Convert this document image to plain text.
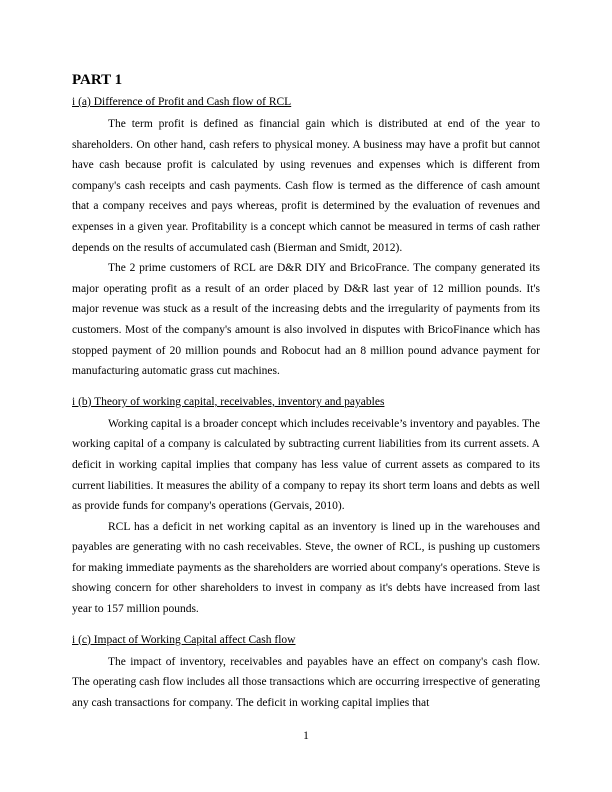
PART 1
i (a) Difference of Profit and Cash flow of RCL

The term profit is defined as financial gain which is distributed at end of the year to shareholders. On other hand, cash refers to physical money. A business may have a profit but cannot have cash because profit is calculated by using revenues and expenses which is different from company's cash receipts and cash payments. Cash flow is termed as the difference of cash amount that a company receives and pays whereas, profit is determined by the evaluation of revenues and expenses in a given year. Profitability is a concept which cannot be measured in terms of cash rather depends on the results of accumulated cash (Bierman and Smidt, 2012).

The 2 prime customers of RCL are D&R DIY and BricoFrance. The company generated its major operating profit as a result of an order placed by D&R last year of 12 million pounds. It's major revenue was stuck as a result of the increasing debts and the irregularity of payments from its customers. Most of the company's amount is also involved in disputes with BricoFinance which has stopped payment of 20 million pounds and Robocut had an 8 million pound advance payment for manufacturing automatic grass cut machines.

i (b) Theory of working capital, receivables, inventory and payables

Working capital is a broader concept which includes receivable’s inventory and payables. The working capital of a company is calculated by subtracting current liabilities from its current assets. A deficit in working capital implies that company has less value of current assets as compared to its current liabilities. It measures the ability of a company to repay its short term loans and debts as well as provide funds for company's operations (Gervais, 2010).

RCL has a deficit in net working capital as an inventory is lined up in the warehouses and payables are generating with no cash receivables. Steve, the owner of RCL, is pushing up customers for making immediate payments as the shareholders are worried about company's operations. Steve is showing concern for other shareholders to invest in company as it's debts have increased from last year to 157 million pounds.

i (c) Impact of Working Capital affect Cash flow

The impact of inventory, receivables and payables have an effect on company's cash flow. The operating cash flow includes all those transactions which are occurring irrespective of generating any cash transactions for company. The deficit in working capital implies that

1
